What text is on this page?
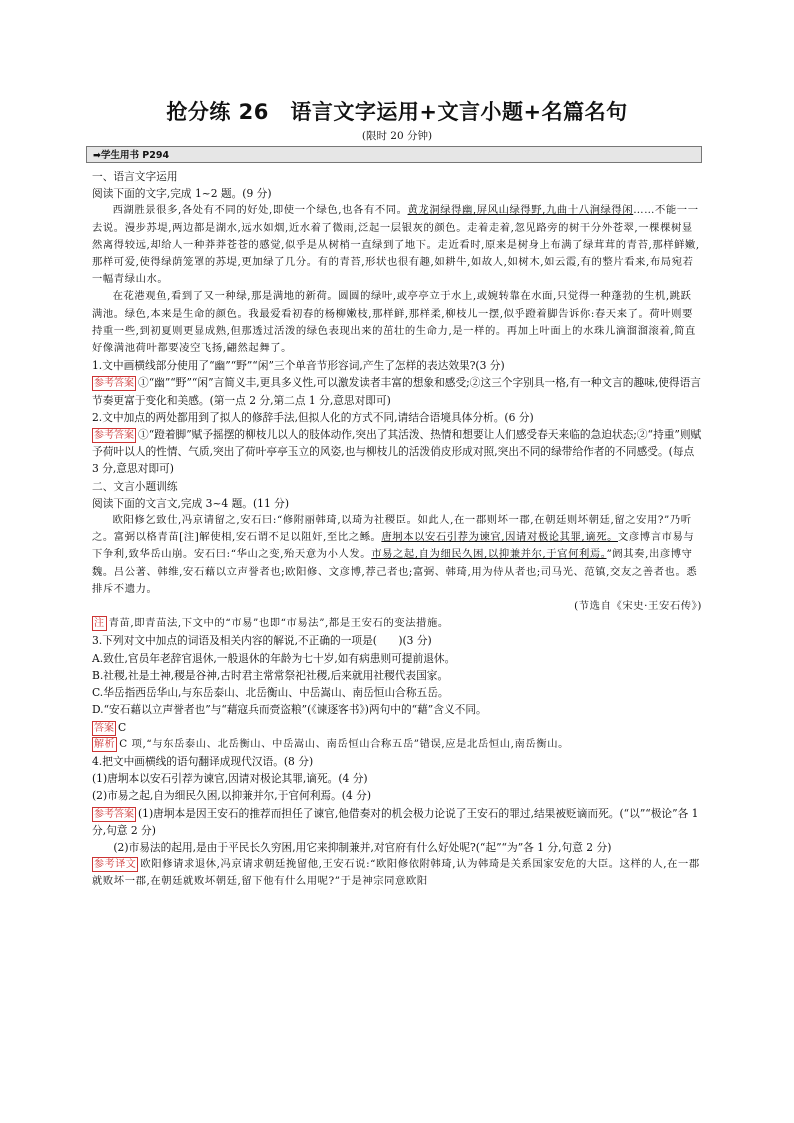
抢分练 26　语言文字运用+文言小题+名篇名句
(限时 20 分钟)
➡学生用书 P294

一、语言文字运用

阅读下面的文字,完成 1~2 题。(9 分)

西湖胜景很多,各处有不同的好处,即使一个绿色,也各有不同。黄龙洞绿得幽,屏风山绿得野,九曲十八涧绿得闲……不能一一去说。漫步苏堤,两边都是湖水,远水如烟,近水着了微雨,泛起一层银灰的颜色。走着走着,忽见路旁的树干分外苍翠,一棵棵树显然离得较远,却给人一种莽莽苍苍的感觉,似乎是从树梢一直绿到了地下。走近看时,原来是树身上布满了绿茸茸的青苔,那样鲜嫩,那样可爱,使得绿荫笼罩的苏堤,更加绿了几分。有的青苔,形状也很有趣,如耕牛,如故人,如树木,如云霞,有的整片看来,布局宛若一幅青绿山水。

在花港观鱼,看到了又一种绿,那是满地的新荷。圆圆的绿叶,或亭亭立于水上,或婉转靠在水面,只觉得一种蓬勃的生机,跳跃满池。绿色,本来是生命的颜色。我最爱看初春的杨柳嫩枝,那样鲜,那样柔,柳枝儿一摆,似乎蹬着脚告诉你:春天来了。荷叶则要持重一些,到初夏则更显成熟,但那透过活泼的绿色表现出来的茁壮的生命力,是一样的。再加上叶面上的水珠儿滴溜溜滚着,简直好像满池荷叶都要凌空飞扬,翩然起舞了。

1.文中画横线部分使用了“幽”“野”“闲”三个单音节形容词,产生了怎样的表达效果?(3 分)

参考答案 ①“幽”“野”“闲”言简义丰,更具多义性,可以激发读者丰富的想象和感受;②这三个字别具一格,有一种文言的趣味,使得语言节奏更富于变化和美感。(第一点 2 分,第二点 1 分,意思对即可)

2.文中加点的两处都用到了拟人的修辞手法,但拟人化的方式不同,请结合语境具体分析。(6 分)

参考答案 ①“蹬着脚”赋予摇摆的柳枝儿以人的肢体动作,突出了其活泼、热情和想要让人们感受春天来临的急迫状态;②“持重”则赋予荷叶以人的性情、气质,突出了荷叶亭亭玉立的风姿,也与柳枝儿的活泼俏皮形成对照,突出不同的绿带给作者的不同感受。(每点 3 分,意思对即可)

二、文言小题训练

阅读下面的文言文,完成 3~4 题。(11 分)

欧阳修乞致仕,冯京请留之,安石曰:“修附丽韩琦,以琦为社稷臣。如此人,在一郡则坏一郡,在朝廷则坏朝廷,留之安用?”乃听之。富弼以格青苗[注]解使相,安石谓不足以阻奸,至比之鲧。唐坰本以安石引荐为谏官,因请对极论其罪,谪死。文彦博言市易与下争利,致华岳山崩。安石曰:“华山之变,殆天意为小人发。市易之起,自为细民久困,以抑兼并尔,于官何利焉。”阏其奏,出彦博守魏。吕公著、韩维,安石藉以立声誉者也;欧阳修、文彦博,荐己者也;富弼、韩琦,用为侍从者也;司马光、范镇,交友之善者也。悉排斥不遗力。

(节选自《宋史·王安石传》)

注 青苗,即青苗法,下文中的“市易”也即“市易法”,都是王安石的变法措施。

3.下列对文中加点的词语及相关内容的解说,不正确的一项是(　　)(3 分)

A.致仕,官员年老辞官退休,一般退休的年龄为七十岁,如有病患则可提前退休。

B.社稷,社是土神,稷是谷神,古时君主常常祭祀社稷,后来就用社稷代表国家。

C.华岳指西岳华山,与东岳泰山、北岳衡山、中岳嵩山、南岳恒山合称五岳。

D.“安石藉以立声誉者也”与“藉寇兵而赍盗粮”(《谏逐客书》)两句中的“藉”含义不同。

答案 C

解析 C 项,“与东岳泰山、北岳衡山、中岳嵩山、南岳恒山合称五岳”错误,应是北岳恒山,南岳衡山。

4.把文中画横线的语句翻译成现代汉语。(8 分)

(1)唐坰本以安石引荐为谏官,因请对极论其罪,谪死。(4 分)

(2)市易之起,自为细民久困,以抑兼并尔,于官何利焉。(4 分)

参考答案 (1)唐坰本是因王安石的推荐而担任了谏官,他借奏对的机会极力论说了王安石的罪过,结果被贬谪而死。(“以”“极论”各 1 分,句意 2 分)

(2)市易法的起用,是由于平民长久穷困,用它来抑制兼并,对官府有什么好处呢?(“起”“为”各 1 分,句意 2 分)

参考译文 欧阳修请求退休,冯京请求朝廷挽留他,王安石说:“欧阳修依附韩琦,认为韩琦是关系国家安危的大臣。这样的人,在一郡就败坏一郡,在朝廷就败坏朝廷,留下他有什么用呢?”于是神宗同意欧阳
